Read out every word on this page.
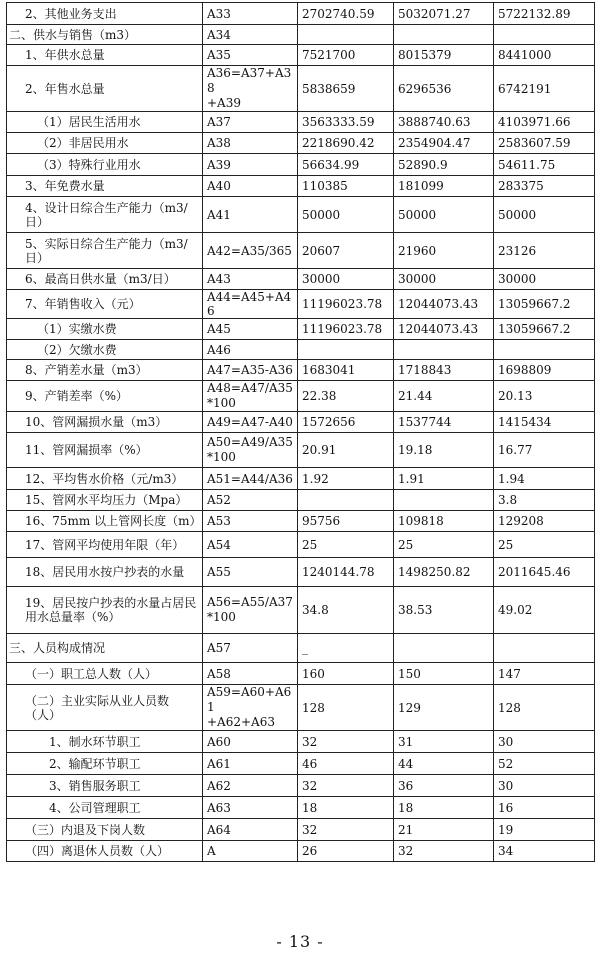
2、其他业务支出	A33	2702740.59	5032071.27	5722132.89
二、供水与销售（m3）	A34			
1、年供水总量	A35	7521700	8015379	8441000
2、年售水总量	A36=A37+A38
+A39	5838659	6296536	6742191
（1）居民生活用水	A37	3563333.59	3888740.63	4103971.66
（2）非居民用水	A38	2218690.42	2354904.47	2583607.59
（3）特殊行业用水	A39	56634.99	52890.9	54611.75
3、年免费水量	A40	110385	181099	283375
4、设计日综合生产能力（m3/日）	A41	50000	50000	50000
5、实际日综合生产能力（m3/日）	A42=A35/365	20607	21960	23126
6、最高日供水量（m3/日）	A43	30000	30000	30000
7、年销售收入（元）	A44=A45+A46	11196023.78	12044073.43	13059667.2
（1）实缴水费	A45	11196023.78	12044073.43	13059667.2
（2）欠缴水费	A46			
8、产销差水量（m3）	A47=A35-A36	1683041	1718843	1698809
9、产销差率（%）	A48=A47/A35
*100	22.38	21.44	20.13
10、管网漏损水量（m3）	A49=A47-A40	1572656	1537744	1415434
11、管网漏损率（%）	A50=A49/A35
*100	20.91	19.18	16.77
12、平均售水价格（元/m3）	A51=A44/A36	1.92	1.91	1.94
15、管网水平均压力（Mpa）	A52			3.8
16、75mm 以上管网长度（m）	A53	95756	109818	129208
17、管网平均使用年限（年）	A54	25	25	25
18、居民用水按户抄表的水量	A55	1240144.78	1498250.82	2011645.46
19、居民按户抄表的水量占居民用水总量率（%）	A56=A55/A37
*100	34.8	38.53	49.02
三、人员构成情况	A57	_		
（一）职工总人数（人）	A58	160	150	147
（二）主业实际从业人员数（人）	A59=A60+A61
+A62+A63	128	129	128
1、制水环节职工	A60	32	31	30
2、输配环节职工	A61	46	44	52
3、销售服务职工	A62	32	36	30
4、公司管理职工	A63	18	18	16
（三）内退及下岗人数	A64	32	21	19
（四）离退休人员数（人）	A	26	32	34
- 13 -
